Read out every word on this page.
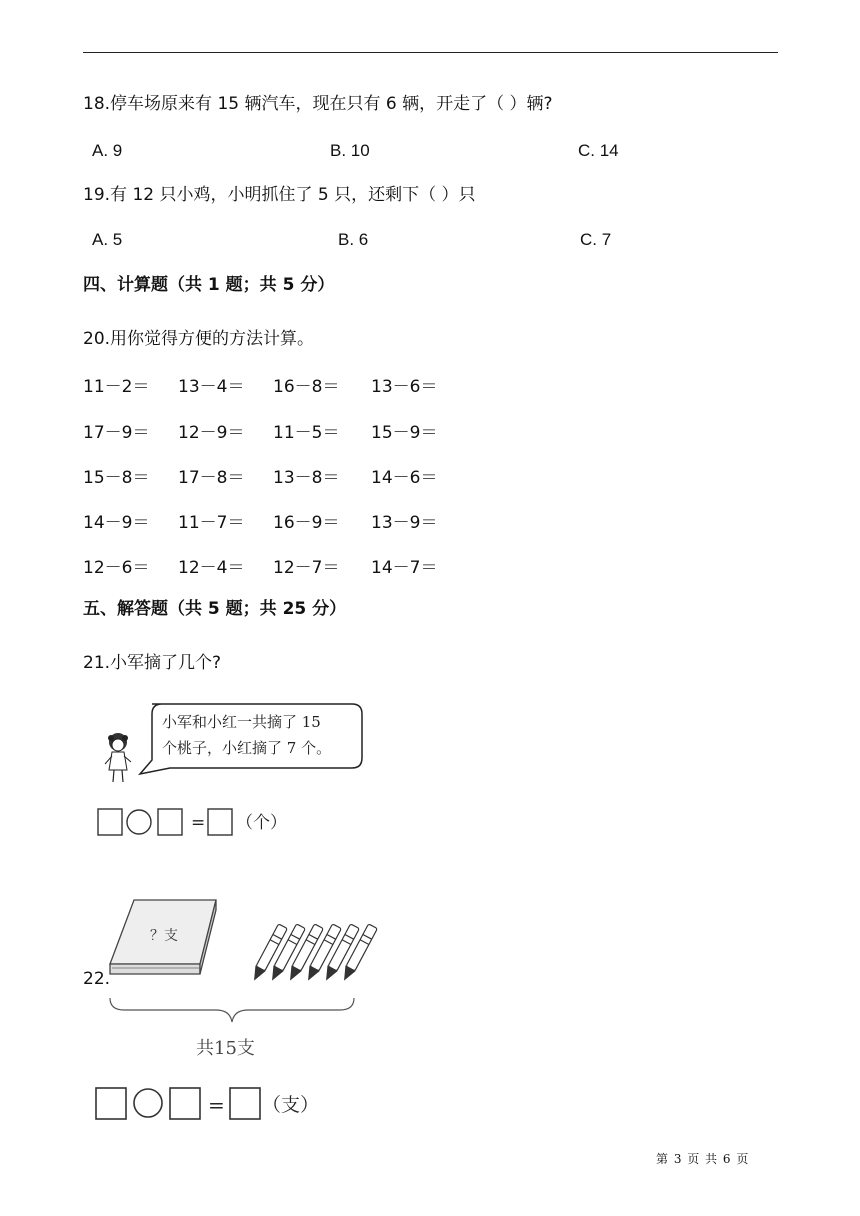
18.停车场原来有 15 辆汽车，现在只有 6 辆，开走了（ ）辆?
A. 9	B. 10	C. 14
19.有 12 只小鸡，小明抓住了 5 只，还剩下（ ）只
A. 5	B. 6	C. 7
四、计算题（共 1 题；共 5 分）
20.用你觉得方便的方法计算。
11－2＝ 13－4＝ 16－8＝ 13－6＝
17－9＝ 12－9＝ 11－5＝ 15－9＝
15－8＝ 17－8＝ 13－8＝ 14－6＝
14－9＝ 11－7＝ 16－9＝ 13－9＝
12－6＝ 12－4＝ 12－7＝ 14－7＝
五、解答题（共 5 题；共 25 分）
21.小军摘了几个?
小军和小红一共摘了 15
个桃子，小红摘了 7 个。
= （个）
22.
？支
共15支
= （支）
第 3 页 共 6 页
